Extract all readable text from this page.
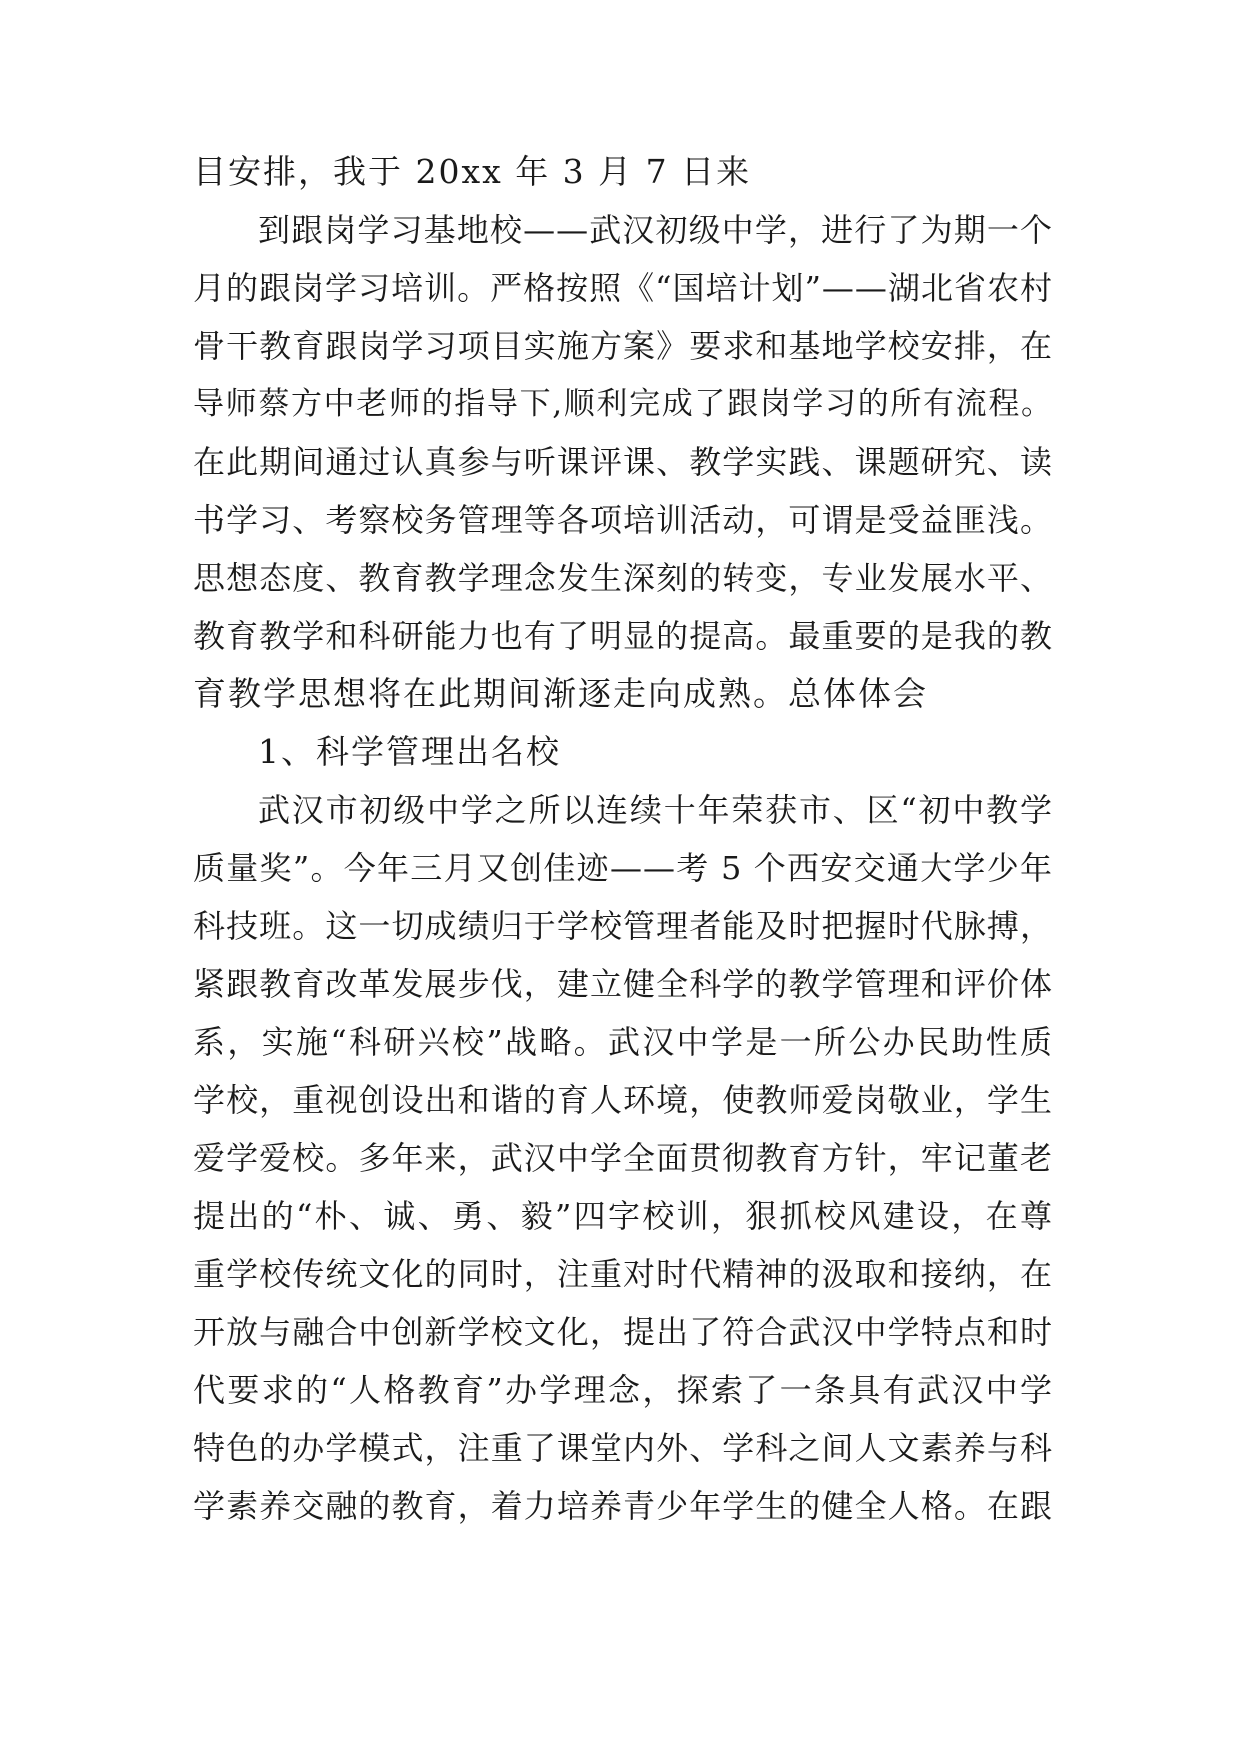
目安排，我于 20xx 年 3 月 7 日来
到跟岗学习基地校——武汉初级中学，进行了为期一个
月的跟岗学习培训。严格按照《“国培计划”——湖北省农村
骨干教育跟岗学习项目实施方案》要求和基地学校安排，在
导师蔡方中老师的指导下,顺利完成了跟岗学习的所有流程。
在此期间通过认真参与听课评课、教学实践、课题研究、读
书学习、考察校务管理等各项培训活动，可谓是受益匪浅。
思想态度、教育教学理念发生深刻的转变，专业发展水平、
教育教学和科研能力也有了明显的提高。最重要的是我的教
育教学思想将在此期间渐逐走向成熟。总体体会
1、科学管理出名校
武汉市初级中学之所以连续十年荣获市、区“初中教学
质量奖”。今年三月又创佳迹——考 5 个西安交通大学少年
科技班。这一切成绩归于学校管理者能及时把握时代脉搏，
紧跟教育改革发展步伐，建立健全科学的教学管理和评价体
系，实施“科研兴校”战略。武汉中学是一所公办民助性质
学校，重视创设出和谐的育人环境，使教师爱岗敬业，学生
爱学爱校。多年来，武汉中学全面贯彻教育方针，牢记董老
提出的“朴、诚、勇、毅”四字校训，狠抓校风建设，在尊
重学校传统文化的同时，注重对时代精神的汲取和接纳，在
开放与融合中创新学校文化，提出了符合武汉中学特点和时
代要求的“人格教育”办学理念，探索了一条具有武汉中学
特色的办学模式，注重了课堂内外、学科之间人文素养与科
学素养交融的教育，着力培养青少年学生的健全人格。在跟
